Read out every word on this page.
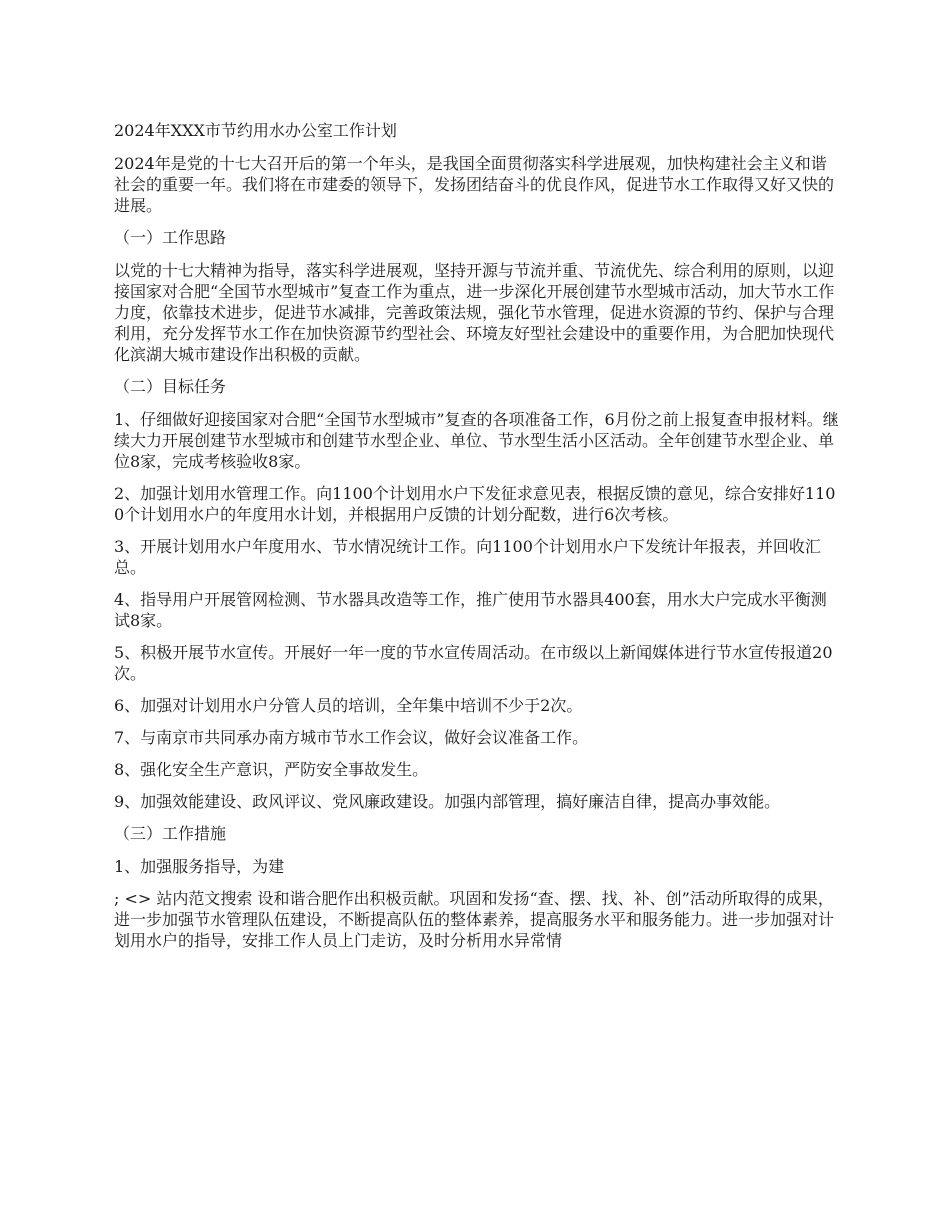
2024年XXX市节约用水办公室工作计划

2024年是党的十七大召开后的第一个年头，是我国全面贯彻落实科学进展观，加快构建社会主义和谐社会的重要一年。我们将在市建委的领导下，发扬团结奋斗的优良作风，促进节水工作取得又好又快的进展。

（一）工作思路

以党的十七大精神为指导，落实科学进展观，坚持开源与节流并重、节流优先、综合利用的原则，以迎接国家对合肥“全国节水型城市”复查工作为重点，进一步深化开展创建节水型城市活动，加大节水工作力度，依靠技术进步，促进节水减排，完善政策法规，强化节水管理，促进水资源的节约、保护与合理利用，充分发挥节水工作在加快资源节约型社会、环境友好型社会建设中的重要作用，为合肥加快现代化滨湖大城市建设作出积极的贡献。

（二）目标任务

1、仔细做好迎接国家对合肥“全国节水型城市”复查的各项准备工作，6月份之前上报复查申报材料。继续大力开展创建节水型城市和创建节水型企业、单位、节水型生活小区活动。全年创建节水型企业、单位8家，完成考核验收8家。

2、加强计划用水管理工作。向1100个计划用水户下发征求意见表，根据反馈的意见，综合安排好1100个计划用水户的年度用水计划，并根据用户反馈的计划分配数，进行6次考核。

3、开展计划用水户年度用水、节水情况统计工作。向1100个计划用水户下发统计年报表，并回收汇总。

4、指导用户开展管网检测、节水器具改造等工作，推广使用节水器具400套，用水大户完成水平衡测试8家。

5、积极开展节水宣传。开展好一年一度的节水宣传周活动。在市级以上新闻媒体进行节水宣传报道20次。

6、加强对计划用水户分管人员的培训，全年集中培训不少于2次。

7、与南京市共同承办南方城市节水工作会议，做好会议准备工作。

8、强化安全生产意识，严防安全事故发生。

9、加强效能建设、政风评议、党风廉政建设。加强内部管理，搞好廉洁自律，提高办事效能。

（三）工作措施

1、加强服务指导，为建

; <> 站内范文搜索 设和谐合肥作出积极贡献。巩固和发扬“查、摆、找、补、创”活动所取得的成果，进一步加强节水管理队伍建设，不断提高队伍的整体素养，提高服务水平和服务能力。进一步加强对计划用水户的指导，安排工作人员上门走访，及时分析用水异常情
